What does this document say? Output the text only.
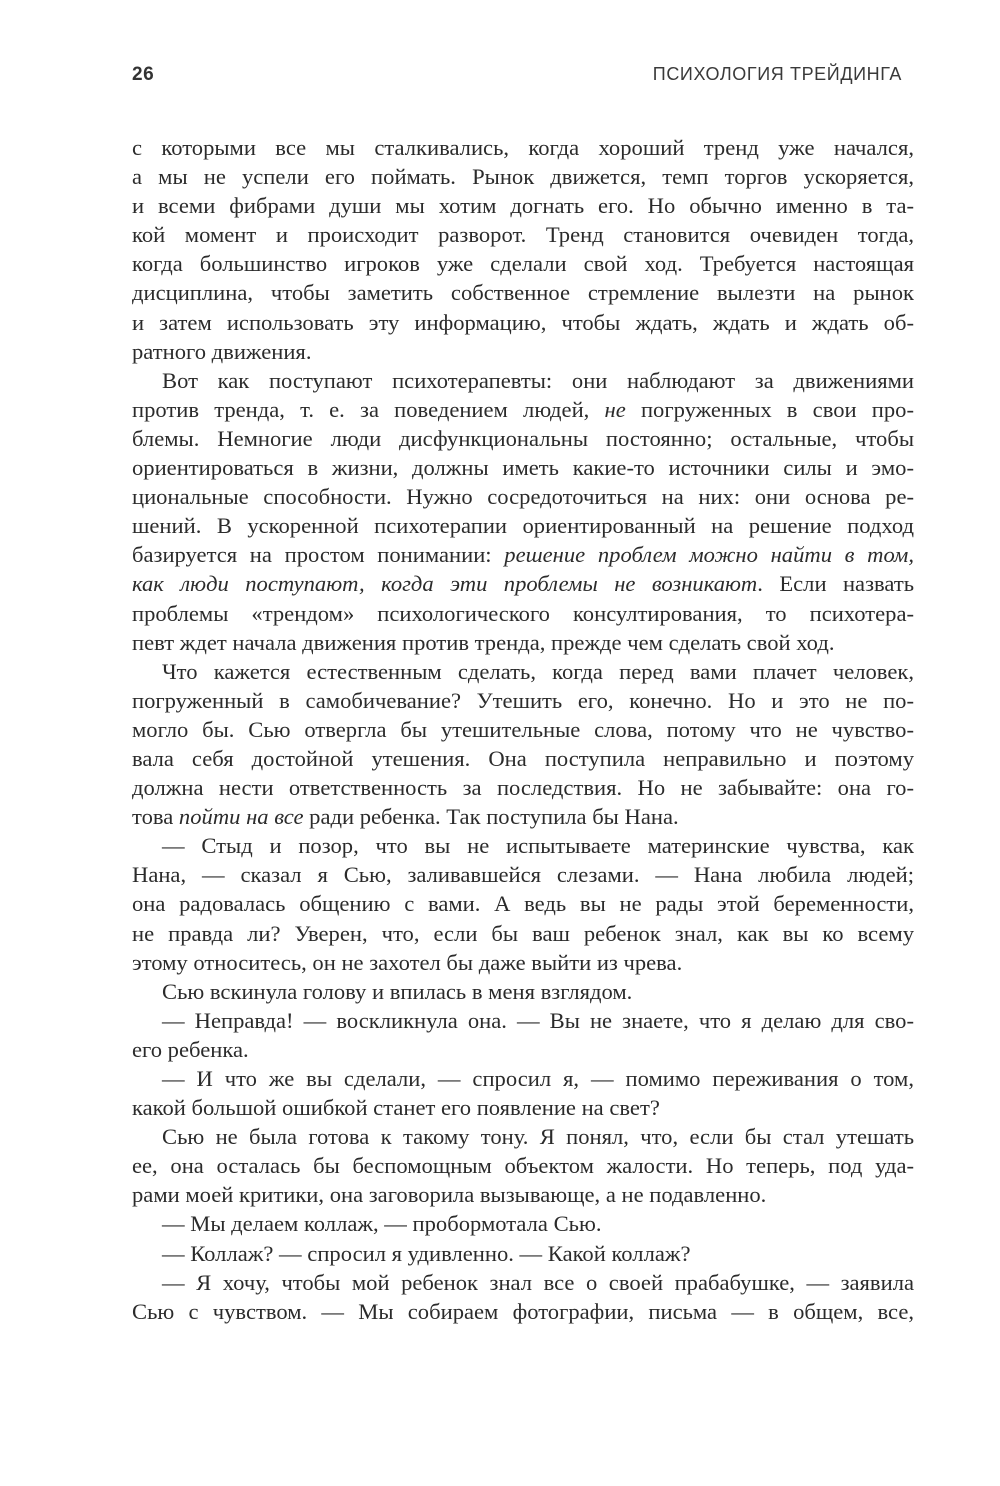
26	ПСИХОЛОГИЯ ТРЕЙДИНГА
с которыми все мы сталкивались, когда хороший тренд уже начался,
а мы не успели его поймать. Рынок движется, темп торгов ускоряется,
и всеми фибрами души мы хотим догнать его. Но обычно именно в та-
кой момент и происходит разворот. Тренд становится очевиден тогда,
когда большинство игроков уже сделали свой ход. Требуется настоящая
дисциплина, чтобы заметить собственное стремление вылезти на рынок
и затем использовать эту информацию, чтобы ждать, ждать и ждать об-
ратного движения.
Вот как поступают психотерапевты: они наблюдают за движениями
против тренда, т. е. за поведением людей, не погруженных в свои про-
блемы. Немногие люди дисфункциональны постоянно; остальные, чтобы
ориентироваться в жизни, должны иметь какие-то источники силы и эмо-
циональные способности. Нужно сосредоточиться на них: они основа ре-
шений. В ускоренной психотерапии ориентированный на решение подход
базируется на простом понимании: решение проблем можно найти в том,
как люди поступают, когда эти проблемы не возникают. Если назвать
проблемы «трендом» психологического консултирования, то психотера-
певт ждет начала движения против тренда, прежде чем сделать свой ход.
Что кажется естественным сделать, когда перед вами плачет человек,
погруженный в самобичевание? Утешить его, конечно. Но и это не по-
могло бы. Сью отвергла бы утешительные слова, потому что не чувство-
вала себя достойной утешения. Она поступила неправильно и поэтому
должна нести ответственность за последствия. Но не забывайте: она го-
това пойти на все ради ребенка. Так поступила бы Нана.
— Стыд и позор, что вы не испытываете материнские чувства, как
Нана, — сказал я Сью, заливавшейся слезами. — Нана любила людей;
она радовалась общению с вами. А ведь вы не рады этой беременности,
не правда ли? Уверен, что, если бы ваш ребенок знал, как вы ко всему
этому относитесь, он не захотел бы даже выйти из чрева.
Сью вскинула голову и впилась в меня взглядом.
— Неправда! — воскликнула она. — Вы не знаете, что я делаю для сво-
его ребенка.
— И что же вы сделали, — спросил я, — помимо переживания о том,
какой большой ошибкой станет его появление на свет?
Сью не была готова к такому тону. Я понял, что, если бы стал утешать
ее, она осталась бы беспомощным объектом жалости. Но теперь, под уда-
рами моей критики, она заговорила вызывающе, а не подавленно.
— Мы делаем коллаж, — пробормотала Сью.
— Коллаж? — спросил я удивленно. — Какой коллаж?
— Я хочу, чтобы мой ребенок знал все о своей прабабушке, — заявила
Сью с чувством. — Мы собираем фотографии, письма — в общем, все,
